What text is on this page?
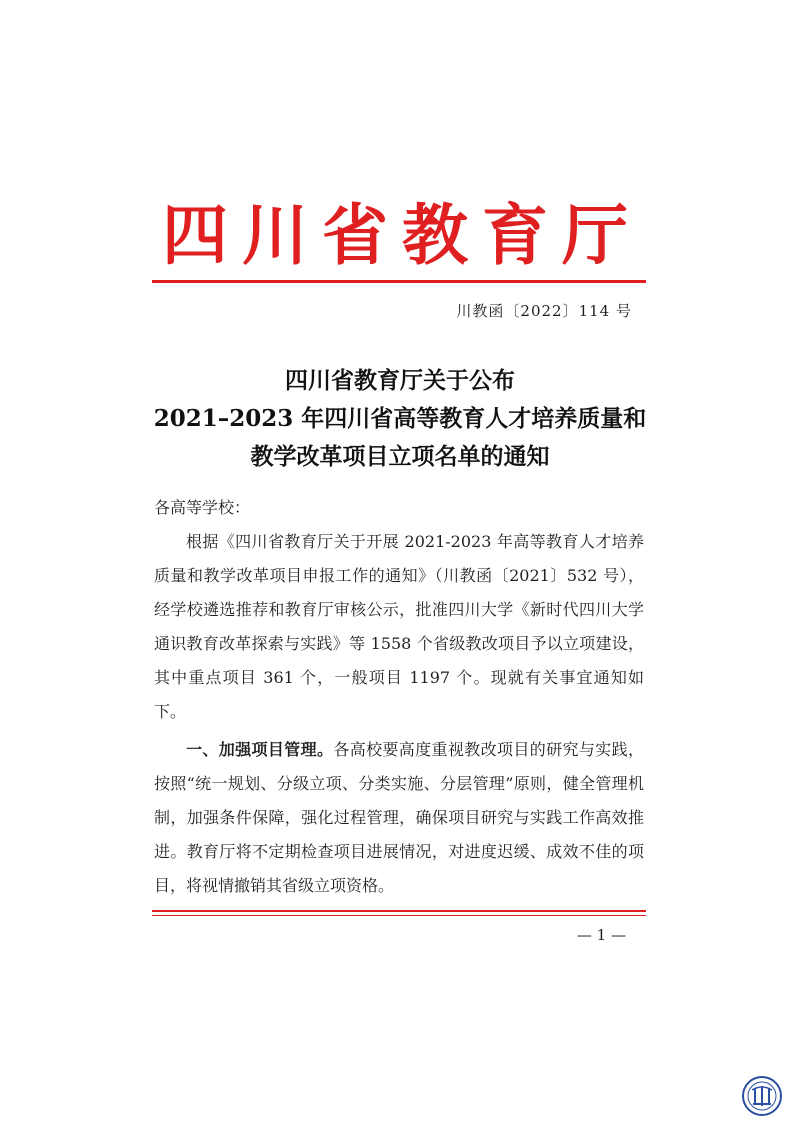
四川省教育厅
川教函〔2022〕114 号
四川省教育厅关于公布
2021–2023 年四川省高等教育人才培养质量和
教学改革项目立项名单的通知
各高等学校：

根据《四川省教育厅关于开展 2021-2023 年高等教育人才培养质量和教学改革项目申报工作的通知》（川教函〔2021〕532 号），经学校遴选推荐和教育厅审核公示，批准四川大学《新时代四川大学通识教育改革探索与实践》等 1558 个省级教改项目予以立项建设，其中重点项目 361 个，一般项目 1197 个。现就有关事宜通知如下。

一、加强项目管理。各高校要高度重视教改项目的研究与实践，按照“统一规划、分级立项、分类实施、分层管理”原则，健全管理机制，加强条件保障，强化过程管理，确保项目研究与实践工作高效推进。教育厅将不定期检查项目进展情况，对进度迟缓、成效不佳的项目，将视情撤销其省级立项资格。

— 1 —
